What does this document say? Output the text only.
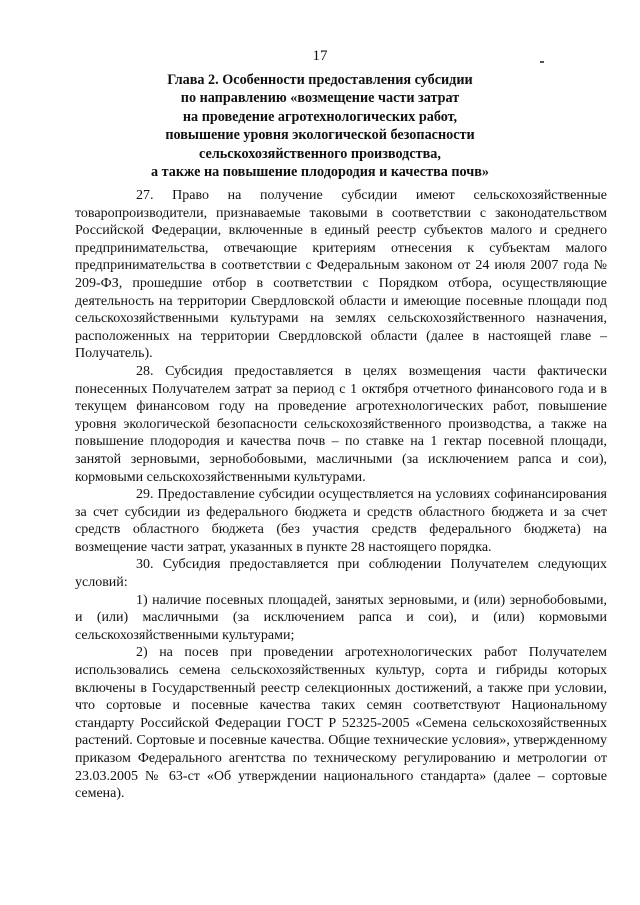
17
Глава 2. Особенности предоставления субсидии
по направлению «возмещение части затрат
на проведение агротехнологических работ,
повышение уровня экологической безопасности
сельскохозяйственного производства,
а также на повышение плодородия и качества почв»

27. Право на получение субсидии имеют сельскохозяйственные товаропроизводители, признаваемые таковыми в соответствии с законодательством Российской Федерации, включенные в единый реестр субъектов малого и среднего предпринимательства, отвечающие критериям отнесения к субъектам малого предпринимательства в соответствии с Федеральным законом от 24 июля 2007 года № 209-ФЗ, прошедшие отбор в соответствии с Порядком отбора, осуществляющие деятельность на территории Свердловской области и имеющие посевные площади под сельскохозяйственными культурами на землях сельскохозяйственного назначения, расположенных на территории Свердловской области (далее в настоящей главе – Получатель).

28. Субсидия предоставляется в целях возмещения части фактически понесенных Получателем затрат за период с 1 октября отчетного финансового года и в текущем финансовом году на проведение агротехнологических работ, повышение уровня экологической безопасности сельскохозяйственного производства, а также на повышение плодородия и качества почв – по ставке на 1 гектар посевной площади, занятой зерновыми, зернобобовыми, масличными (за исключением рапса и сои), кормовыми сельскохозяйственными культурами.

29. Предоставление субсидии осуществляется на условиях софинансирования за счет субсидии из федерального бюджета и средств областного бюджета и за счет средств областного бюджета (без участия средств федерального бюджета) на возмещение части затрат, указанных в пункте 28 настоящего порядка.

30. Субсидия предоставляется при соблюдении Получателем следующих условий:

1) наличие посевных площадей, занятых зерновыми, и (или) зернобобовыми, и (или) масличными (за исключением рапса и сои), и (или) кормовыми сельскохозяйственными культурами;

2) на посев при проведении агротехнологических работ Получателем использовались семена сельскохозяйственных культур, сорта и гибриды которых включены в Государственный реестр селекционных достижений, а также при условии, что сортовые и посевные качества таких семян соответствуют Национальному стандарту Российской Федерации ГОСТ Р 52325-2005 «Семена сельскохозяйственных растений. Сортовые и посевные качества. Общие технические условия», утвержденному приказом Федерального агентства по техническому регулированию и метрологии от 23.03.2005 № 63-ст «Об утверждении национального стандарта» (далее – сортовые семена).
